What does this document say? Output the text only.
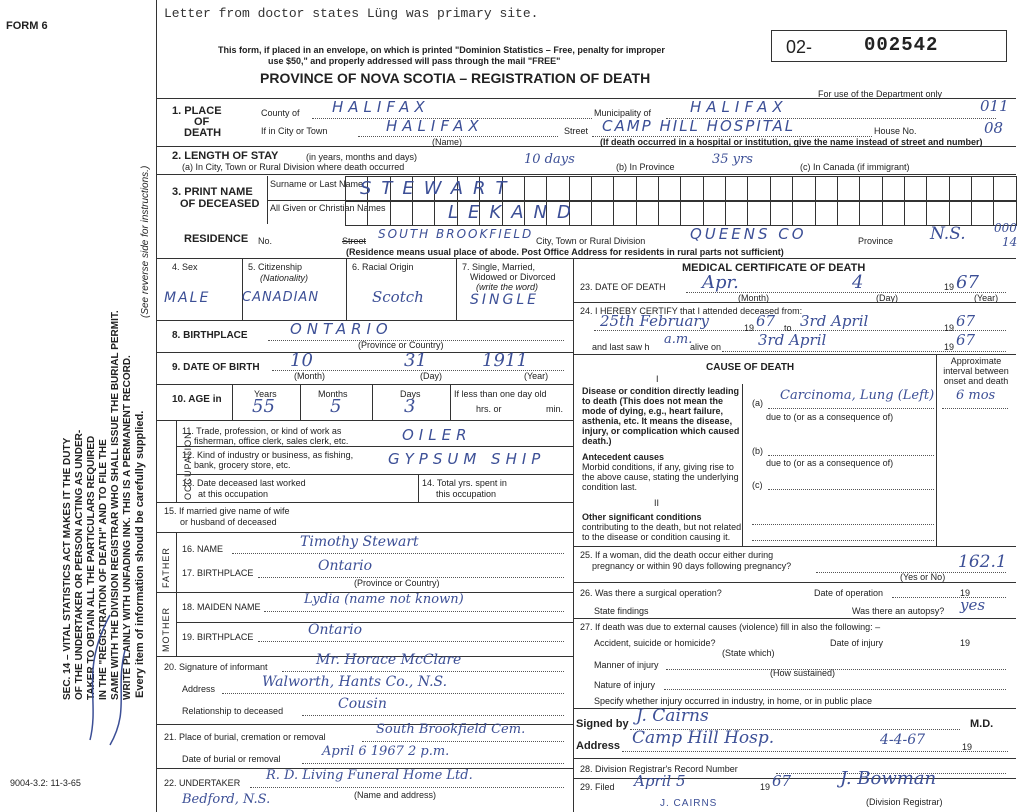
Letter from doctor states Lüng was primary site.
FORM 6
02-	002542
This form, if placed in an envelope, on which is printed "Dominion Statistics – Free, penalty for improper
use $50," and properly addressed will pass through the mail "FREE"
PROVINCE OF NOVA SCOTIA – REGISTRATION OF DEATH
For use of the Department only
SEC. 14 – VITAL STATISTICS ACT MAKES IT THE DUTY OF THE UNDERTAKER OR PERSON ACTING AS UNDER- TAKER TO OBTAIN ALL THE PARTICULARS REQUIRED IN THE "REGISTRATION OF DEATH" AND TO FILE THE SAME WITH THE DIVISION REGISTRAR WHO SHALL ISSUE THE BURIAL PERMIT. WRITE PLAINLY WITH UNFADING INK. THIS IS A PERMANENT RECORD. Every item of information should be carefully supplied.
(See reverse side for instructions.)
9004-3.2: 11-3-65
1. PLACE
OF
DEATH
County of HALIFAX	Municipality of	HALIFAX	011
If in City or Town	HALIFAX
(Name)
Street CAMP HILL HOSPITAL	House No.	08
(If death occurred in a hospital or institution, give the name instead of street and number)
2. LENGTH OF STAY	(in years, months and days)
(a) In City, Town or Rural Division where death occurred	10 days	(b) In Province	35 yrs	(c) In Canada (if immigrant)
3. PRINT NAME
OF DECEASED
Surname or Last Name
All Given or Christian Names
STEWART
LEKAND
RESIDENCE No.	Street SOUTH BROOKFIELD City, Town or Rural Division	QUEENS CO	Province N.S. 000
14
(Residence means usual place of abode. Post Office Address for residents in rural parts not sufficient)
4. Sex
MALE
5. Citizenship
(Nationality)
CANADIAN
6. Racial Origin
Scotch
7. Single, Married,
Widowed or Divorced
(write the word)
SINGLE
8. BIRTHPLACE	ONTARIO
(Province or Country)
9. DATE OF BIRTH 10	31	1911
(Month)	(Day)	(Year)
10. AGE in	Years
55
Months
5
Days
3
If less than one day old
hrs. or	min.
OCCUPATION
11. Trade, profession, or kind of work as
fisherman, office clerk, sales clerk, etc.	OILER
12. Kind of industry or business, as fishing,
bank, grocery store, etc.	GYPSUM SHIP
13. Date deceased last worked
at this occupation
14. Total yrs. spent in
this occupation
15. If married give name of wife
or husband of deceased
FATHER 16. NAME	Timothy Stewart
17. BIRTHPLACE	Ontario
(Province or Country)
MOTHER 18. MAIDEN NAME	Lydia (name not known)
19. BIRTHPLACE	Ontario
20. Signature of informant	Mr. Horace McClare
Address	Walworth, Hants Co., N.S.
Relationship to deceased	Cousin
21. Place of burial, cremation or removal	South Brookfield Cem.
Date of burial or removal	April 6 1967 2 p.m.
22. UNDERTAKER R. D. Living Funeral Home Ltd.
Bedford, N.S.	(Name and address)
MEDICAL CERTIFICATE OF DEATH
23. DATE OF DEATH Apr.	4	19 67
(Month)	(Day)	(Year)
24. I HEREBY CERTIFY that I attended deceased from:
25th February	19 67 to 3rd April	19 67
and last saw h a.m.
alive on 3rd April	19 67
CAUSE OF DEATH
Approximate interval between onset and death
I
Disease or condition directly leading to death (This does not mean the mode of dying, e.g., heart failure, asthenia, etc. It means the disease, injury, or complication which caused death.)
(a) Carcinoma, Lung (Left) 6 mos
due to (or as a consequence of)
Antecedent causes
Morbid conditions, if any, giving rise to the above cause, stating the underlying condition last.
(b)
due to (or as a consequence of)
(c)
II
Other significant conditions
contributing to the death, but not related to the disease or condition causing it.
25. If a woman, did the death occur either during
pregnancy or within 90 days following pregnancy?
(Yes or No)
162.1
26. Was there a surgical operation?	Date of operation	19
State findings	Was there an autopsy? yes
27. If death was due to external causes (violence) fill in also the following: –
Accident, suicide or homicide?	Date of injury	19
(State which)
Manner of injury
(How sustained)
Nature of injury
Specify whether injury occurred in industry, in home, or in public place
Signed by J. Cairns	M.D.
Address Camp Hill Hosp.	4-4-67	19
28. Division Registrar's Record Number
29. Filed April 5	19 67	J. Bowman
(Division Registrar)
J. CAIRNS
